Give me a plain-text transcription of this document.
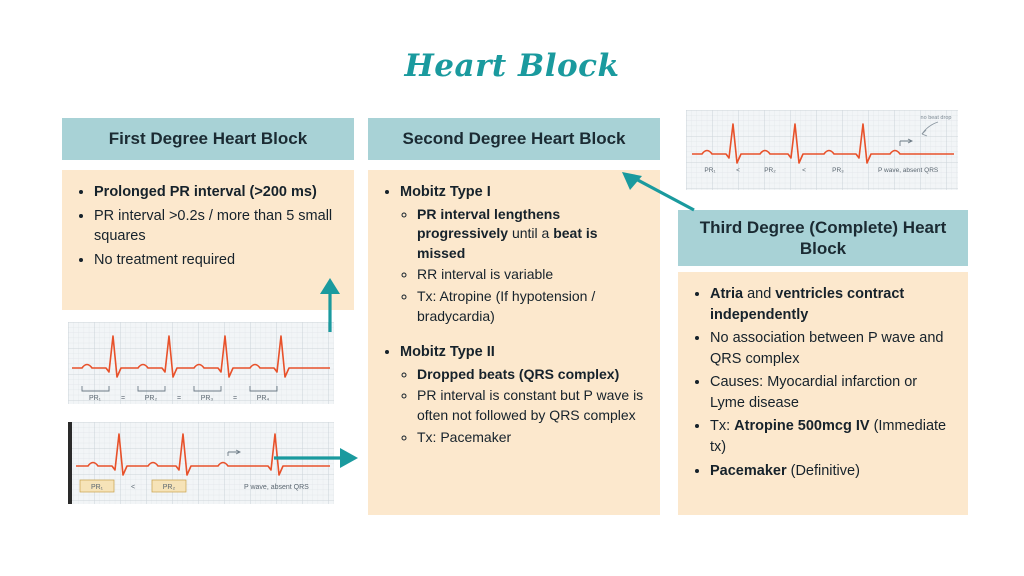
Heart Block
First Degree Heart Block
• Prolonged PR interval (>200 ms)
• PR interval >0.2s / more than 5 small squares
• No treatment required
PR₁	=	PR₂	=	PR₃	=	PR₄
PR₁	<	PR₂	P wave, absent QRS
Second Degree Heart Block
• Mobitz Type I
◦ PR interval lengthens progressively until a beat is missed
◦ RR interval is variable
◦ Tx: Atropine (If hypotension / bradycardia)
• Mobitz Type II
◦ Dropped beats (QRS complex)
◦ PR interval is constant but P wave is often not followed by QRS complex
◦ Tx: Pacemaker
PR₁	<	PR₂	<	PR₃	P wave, absent QRS
no beat drop
Third Degree (Complete) Heart Block
• Atria and ventricles contract independently
• No association between P wave and QRS complex
• Causes: Myocardial infarction or Lyme disease
• Tx: Atropine 500mcg IV (Immediate tx)
• Pacemaker (Definitive)
